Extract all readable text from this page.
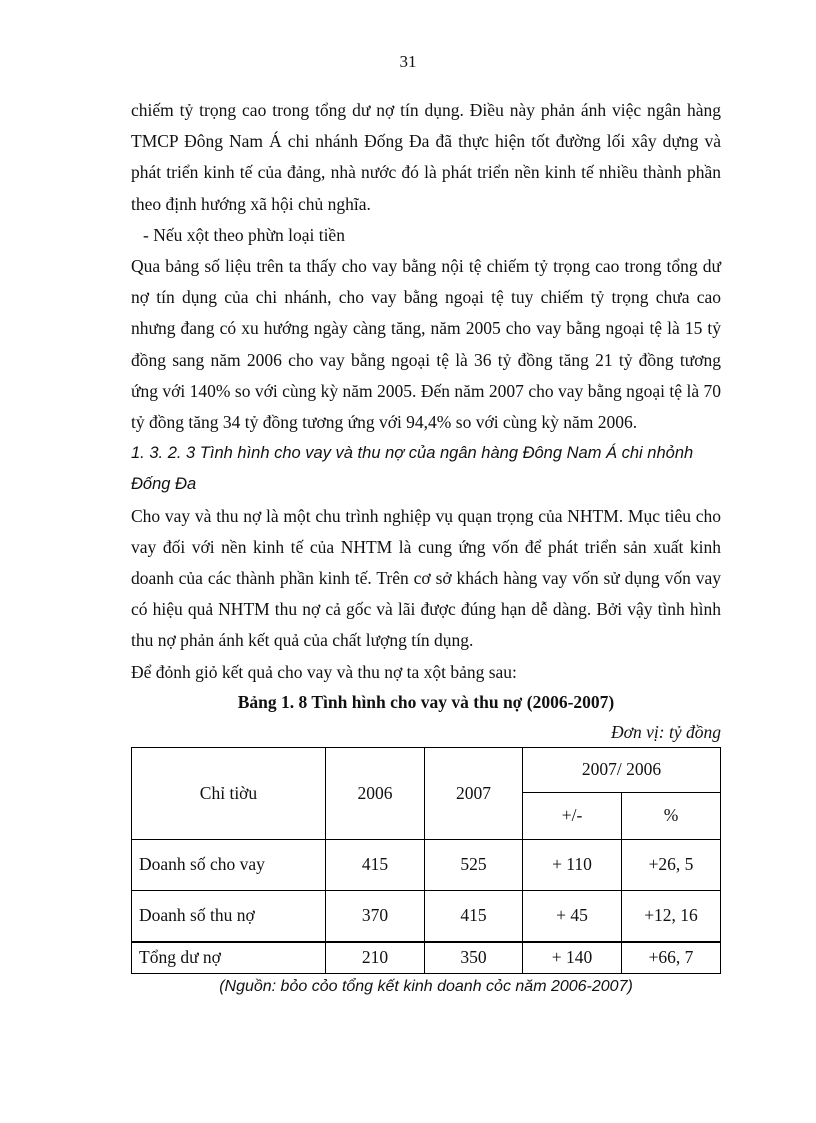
31

chiếm tỷ trọng cao trong tổng dư nợ tín dụng. Điều này phản ánh việc ngân hàng TMCP Đông Nam Á chi nhánh Đống Đa đã thực hiện tốt đường lối xây dựng và phát triển kinh tế của đảng, nhà nước đó là phát triển nền kinh tế nhiều thành phần theo định hướng xã hội chủ nghĩa.

- Nếu xột theo phừn loại tiền

Qua bảng số liệu trên ta thấy cho vay bằng nội tệ chiếm tỷ trọng cao trong tổng dư nợ tín dụng của chi nhánh, cho vay bằng ngoại tệ tuy chiếm tỷ trọng chưa cao nhưng đang có xu hướng ngày càng tăng, năm 2005 cho vay bằng ngoại tệ là 15 tỷ đồng sang năm 2006 cho vay bằng ngoại tệ là 36 tỷ đồng tăng 21 tỷ đồng tương ứng với 140% so với cùng kỳ năm 2005. Đến năm 2007 cho vay bằng ngoại tệ là 70 tỷ đồng tăng 34 tỷ đồng tương ứng với 94,4% so với cùng kỳ năm 2006.

1. 3. 2. 3 Tình hình cho vay và thu nợ của ngân hàng Đông Nam Á chi nhỏnh Đống Đa

Cho vay và thu nợ là một chu trình nghiệp vụ quạn trọng của NHTM. Mục tiêu cho vay đối với nền kinh tế của NHTM là cung ứng vốn để phát triển sản xuất kinh doanh của các thành phần kinh tế. Trên cơ sở khách hàng vay vốn sử dụng vốn vay có hiệu quả NHTM thu nợ cả gốc và lãi được đúng hạn dễ dàng. Bởi vậy tình hình thu nợ phản ánh kết quả của chất lượng tín dụng.

Để đỏnh giỏ kết quả cho vay và thu nợ ta xột bảng sau:

Bảng 1. 8 Tình hình cho vay và thu nợ (2006-2007)

Đơn vị: tỷ đồng

Chỉ tiờu	2006	2007	2007/ 2006	
			+/-	%
Doanh số cho vay	415	525	+ 110	+26, 5
Doanh số thu nợ	370	415	+ 45	+12, 16
Tổng dư nợ	210	350	+ 140	+66, 7

(Nguồn: bỏo cỏo tổng kết kinh doanh cỏc năm 2006-2007)
